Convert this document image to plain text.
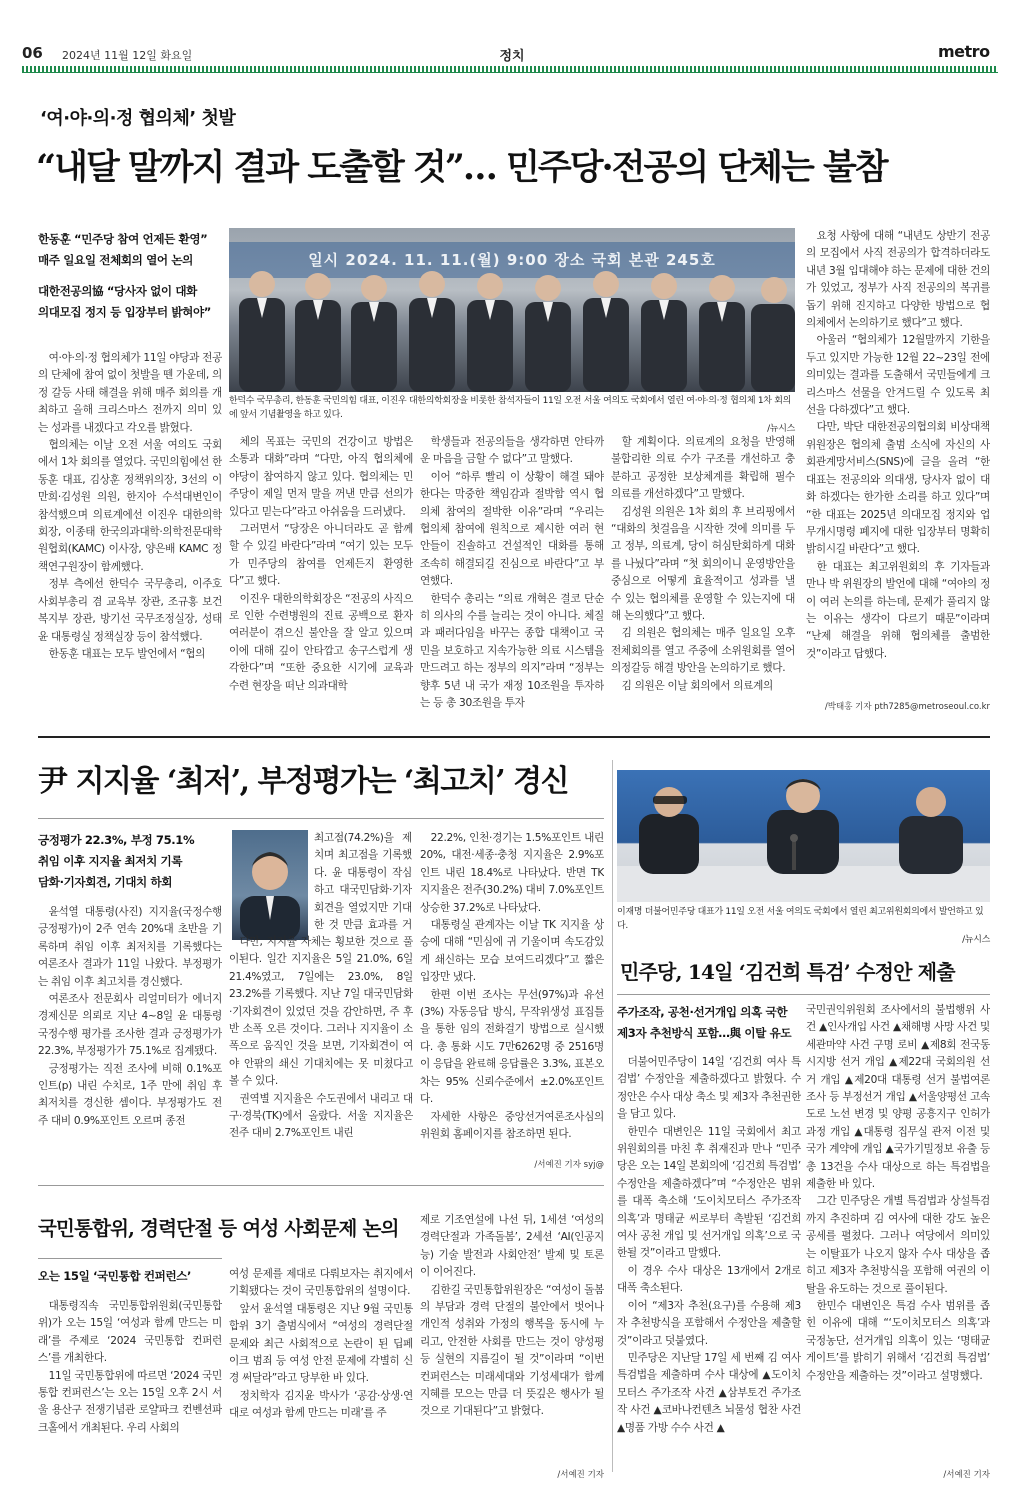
06 2024년 11월 12일 화요일	정치	metro
‘여·야·의·정 협의체’ 첫발
“내달 말까지 결과 도출할 것”… 민주당·전공의 단체는 불참
한동훈 “민주당 참여 언제든 환영”
매주 일요일 전체회의 열어 논의
대한전공의協 “당사자 없이 대화
의대모집 정지 등 입장부터 밝혀야”
일시 2024. 11. 11.(월) 9:00 장소 국회 본관 245호
한덕수 국무총리, 한동훈 국민의힘 대표, 이진우 대한의학회장을 비롯한 참석자들이 11일 오전 서울 여의도 국회에서 열린 여·야·의·정 협의체 1차 회의에 앞서 기념촬영을 하고 있다.
/뉴시스

여·야·의·정 협의체가 11일 야당과 전공의 단체에 참여 없이 첫발을 뗀 가운데, 의정 갈등 사태 해결을 위해 매주 회의를 개최하고 올해 크리스마스 전까지 의미 있는 성과를 내겠다고 각오를 밝혔다.

협의체는 이날 오전 서울 여의도 국회에서 1차 회의를 열었다. 국민의힘에선 한동훈 대표, 김상훈 정책위의장, 3선의 이만희·김성원 의원, 한지아 수석대변인이 참석했으며 의료계에선 이진우 대한의학회장, 이종태 한국의과대학·의학전문대학원협회(KAMC) 이사장, 양은배 KAMC 정책연구원장이 함께했다.

정부 측에선 한덕수 국무총리, 이주호 사회부총리 겸 교육부 장관, 조규홍 보건복지부 장관, 방기선 국무조정실장, 성태윤 대통령실 정책실장 등이 참석했다.

한동훈 대표는 모두 발언에서 “협의

체의 목표는 국민의 건강이고 방법은 소통과 대화”라며 “다만, 아직 협의체에 야당이 참여하지 않고 있다. 협의체는 민주당이 제일 먼저 말을 꺼낸 만큼 선의가 있다고 믿는다”라고 아쉬움을 드러냈다.

그러면서 “당장은 아니더라도 곧 함께 할 수 있길 바란다”라며 “여기 있는 모두가 민주당의 참여를 언제든지 환영한다”고 했다.

이진우 대한의학회장은 “전공의 사직으로 인한 수련병원의 진료 공백으로 환자 여러분이 겪으신 불안을 잘 알고 있으며 이에 대해 깊이 안타깝고 송구스럽게 생각한다”며 “또한 중요한 시기에 교육과 수련 현장을 떠난 의과대학

학생들과 전공의들을 생각하면 안타까운 마음을 금할 수 없다”고 말했다.

이어 “하루 빨리 이 상황이 해결 돼야 한다는 막중한 책임감과 절박함 역시 협의체 참여의 절박한 이유”라며 “우리는 협의체 참여에 원칙으로 제시한 여러 현안들이 진솔하고 건설적인 대화를 통해 조속히 해결되길 진심으로 바란다”고 부연했다.

한덕수 총리는 “의료 개혁은 결코 단순히 의사의 수를 늘리는 것이 아니다. 체질과 패러다임을 바꾸는 종합 대책이고 국민을 보호하고 지속가능한 의료 시스템을 만드려고 하는 정부의 의지”라며 “정부는 향후 5년 내 국가 재정 10조원을 투자하는 등 총 30조원을 투자

할 계획이다. 의료계의 요청을 반영해 불합리한 의료 수가 구조를 개선하고 충분하고 공정한 보상체계를 확립해 필수 의료를 개선하겠다”고 말했다.

김성원 의원은 1차 회의 후 브리핑에서 “대화의 첫걸음을 시작한 것에 의미를 두고 정부, 의료계, 당이 허심탄회하게 대화를 나눴다”라며 “첫 회의이니 운영방안을 중심으로 어떻게 효율적이고 성과를 낼 수 있는 협의체를 운영할 수 있는지에 대해 논의했다”고 했다.

김 의원은 협의체는 매주 일요일 오후 전체회의를 열고 주중에 소위원회를 열어 의정갈등 해결 방안을 논의하기로 했다.

김 의원은 이날 회의에서 의료계의

요청 사항에 대해 “내년도 상반기 전공의 모집에서 사직 전공의가 합격하더라도 내년 3월 입대해야 하는 문제에 대한 건의가 있었고, 정부가 사직 전공의의 복귀를 돕기 위해 진지하고 다양한 방법으로 협의체에서 논의하기로 했다”고 했다.

아울러 “협의체가 12월말까지 기한을 두고 있지만 가능한 12월 22~23일 전에 의미있는 결과를 도출해서 국민들에게 크리스마스 선물을 안겨드릴 수 있도록 최선을 다하겠다”고 했다.

다만, 박단 대한전공의협의회 비상대책위원장은 협의체 출범 소식에 자신의 사회관계망서비스(SNS)에 글을 올려 “한 대표는 전공의와 의대생, 당사자 없이 대화 하겠다는 한가한 소리를 하고 있다”며 “한 대표는 2025년 의대모집 정지와 업무개시명령 폐지에 대한 입장부터 명확히 밝히시길 바란다”고 했다.

한 대표는 최고위원회의 후 기자들과 만나 박 위원장의 발언에 대해 “여야의 정이 여러 논의를 하는데, 문제가 풀리지 않는 이유는 생각이 다르기 때문”이라며 “난제 해결을 위해 협의체를 출범한 것”이라고 답했다.

/박태홍 기자 pth7285@metroseoul.co.kr
尹 지지율 ‘최저’, 부정평가는 ‘최고치’ 경신
긍정평가 22.3%, 부정 75.1%
취임 이후 지지율 최저치 기록
담화·기자회견, 기대치 하회

윤석열 대통령(사진) 지지율(국정수행 긍정평가)이 2주 연속 20%대 초반을 기록하며 취임 이후 최저치를 기록했다는 여론조사 결과가 11일 나왔다. 부정평가는 취임 이후 최고치를 경신했다.

여론조사 전문회사 리얼미터가 에너지경제신문 의뢰로 지난 4~8일 윤 대통령 국정수행 평가를 조사한 결과 긍정평가가 22.3%, 부정평가가 75.1%로 집계됐다.

긍정평가는 직전 조사에 비해 0.1%포인트(p) 내린 수치로, 1주 만에 취임 후 최저치를 경신한 셈이다. 부정평가도 전주 대비 0.9%포인트 오르며 종전

최고점(74.2%)을 제치며 최고점을 기록했다. 윤 대통령이 작심하고 대국민담화·기자회견을 열었지만 기대한 것 만큼 효과를 거

다만, 지지율 자체는 횡보한 것으로 풀이된다. 일간 지지율은 5일 21.0%, 6일 21.4%였고, 7일에는 23.0%, 8일 23.2%를 기록했다. 지난 7일 대국민담화·기자회견이 있었던 것을 감안하면, 주 후반 소폭 오른 것이다. 그러나 지지율이 소폭으로 움직인 것을 보면, 기자회견이 여야 안팎의 쇄신 기대치에는 못 미쳤다고 볼 수 있다.

권역별 지지율은 수도권에서 내리고 대구·경북(TK)에서 올랐다. 서울 지지율은 전주 대비 2.7%포인트 내린

22.2%, 인천·경기는 1.5%포인트 내린 20%, 대전·세종·충청 지지율은 2.9%포인트 내린 18.4%로 나타났다. 반면 TK 지지율은 전주(30.2%) 대비 7.0%포인트 상승한 37.2%로 나타났다.

대통령실 관계자는 이날 TK 지지율 상승에 대해 “민심에 귀 기울이며 속도감있게 쇄신하는 모습 보여드리겠다”고 짧은 입장만 냈다.

한편 이번 조사는 무선(97%)과 유선(3%) 자동응답 방식, 무작위생성 표집틀을 통한 임의 전화걸기 방법으로 실시했다. 총 통화 시도 7만6262명 중 2516명이 응답을 완료해 응답률은 3.3%, 표본오차는 95% 신뢰수준에서 ±2.0%포인트다.

자세한 사항은 중앙선거여론조사심의위원회 홈페이지를 참조하면 된다.

/서예진 기자 syj@
국민통합위, 경력단절 등 여성 사회문제 논의
오는 15일 ‘국민통합 컨퍼런스’

대통령직속 국민통합위원회(국민통합위)가 오는 15일 ‘여성과 함께 만드는 미래’를 주제로 ‘2024 국민통합 컨퍼런스’를 개최한다.

11일 국민통합위에 따르면 ‘2024 국민통합 컨퍼런스’는 오는 15일 오후 2시 서울 용산구 전쟁기념관 로얄파크 컨벤션파크홀에서 개최된다. 우리 사회의

여성 문제를 제대로 다뤄보자는 취지에서 기획됐다는 것이 국민통합위의 설명이다.

앞서 윤석열 대통령은 지난 9월 국민통합위 3기 출범식에서 “여성의 경력단절 문제와 최근 사회적으로 논란이 된 딥페이크 범죄 등 여성 안전 문제에 각별히 신경 써달라”라고 당부한 바 있다.

정치학자 김지윤 박사가 ‘공감·상생·연대로 여성과 함께 만드는 미래’를 주

제로 기조연설에 나선 뒤, 1세션 ‘여성의 경력단절과 가족돌봄’, 2세션 ‘AI(인공지능) 기술 발전과 사회안전’ 발제 및 토론이 이어진다.

김한길 국민통합위원장은 “여성이 돌봄의 부담과 경력 단절의 불안에서 벗어나 개인적 성취와 가정의 행복을 동시에 누리고, 안전한 사회를 만드는 것이 양성평등 실현의 지름길이 될 것”이라며 “이번 컨퍼런스는 미래세대와 기성세대가 함께 지혜를 모으는 만큼 더 뜻깊은 행사가 될 것으로 기대된다”고 밝혔다.

/서예진 기자
이재명 더불어민주당 대표가 11일 오전 서울 여의도 국회에서 열린 최고위원회의에서 발언하고 있다.
/뉴시스
민주당, 14일 ‘김건희 특검’ 수정안 제출
주가조작, 공천·선거개입 의혹 국한
제3자 추천방식 포함…與 이탈 유도

더불어민주당이 14일 ‘김건희 여사 특검법’ 수정안을 제출하겠다고 밝혔다. 수정안은 수사 대상 축소 및 제3자 추천권한을 담고 있다.

한민수 대변인은 11일 국회에서 최고위원회의를 마친 후 취재진과 만나 “민주당은 오는 14일 본회의에 ‘김건희 특검법’ 수정안을 제출하겠다”며 “수정안은 범위를 대폭 축소해 ‘도이치모터스 주가조작 의혹’과 명태균 씨로부터 촉발된 ‘김건희 여사 공천 개입 및 선거개입 의혹’으로 국한될 것”이라고 말했다.

이 경우 수사 대상은 13개에서 2개로 대폭 축소된다.

이어 “제3자 추천(요구)를 수용해 제3자 추천방식을 포함해서 수정안을 제출할 것”이라고 덧붙였다.

민주당은 지난달 17일 세 번째 김 여사 특검법을 제출하며 수사 대상에 ▲도이치모터스 주가조작 사건 ▲삼부토건 주가조작 사건 ▲코바나컨텐츠 뇌물성 협찬 사건 ▲명품 가방 수수 사건 ▲

국민권익위원회 조사에서의 불법행위 사건 ▲인사개입 사건 ▲채해병 사망 사건 및 세관마약 사건 구명 로비 ▲제8회 전국동시지방 선거 개입 ▲제22대 국회의원 선거 개입 ▲제20대 대통령 선거 불법여론조사 등 부정선거 개입 ▲서울양평선 고속도로 노선 변경 및 양평 공흥지구 인허가 과정 개입 ▲대통령 집무실 관저 이전 및 국가 계약에 개입 ▲국가기밀정보 유출 등 총 13건을 수사 대상으로 하는 특검법을 제출한 바 있다.

그간 민주당은 개별 특검법과 상설특검까지 추진하며 김 여사에 대한 강도 높은 공세를 펼쳤다. 그러나 여당에서 의미있는 이탈표가 나오지 않자 수사 대상을 좁히고 제3자 추천방식을 포함해 여권의 이탈을 유도하는 것으로 풀이된다.

한민수 대변인은 특검 수사 범위를 좁힌 이유에 대해 “‘도이치모터스 의혹’과 국정농단, 선거개입 의혹이 있는 ‘명태균 게이트’를 밝히기 위해서 ‘김건희 특검법’ 수정안을 제출하는 것”이라고 설명했다.

/서예진 기자
